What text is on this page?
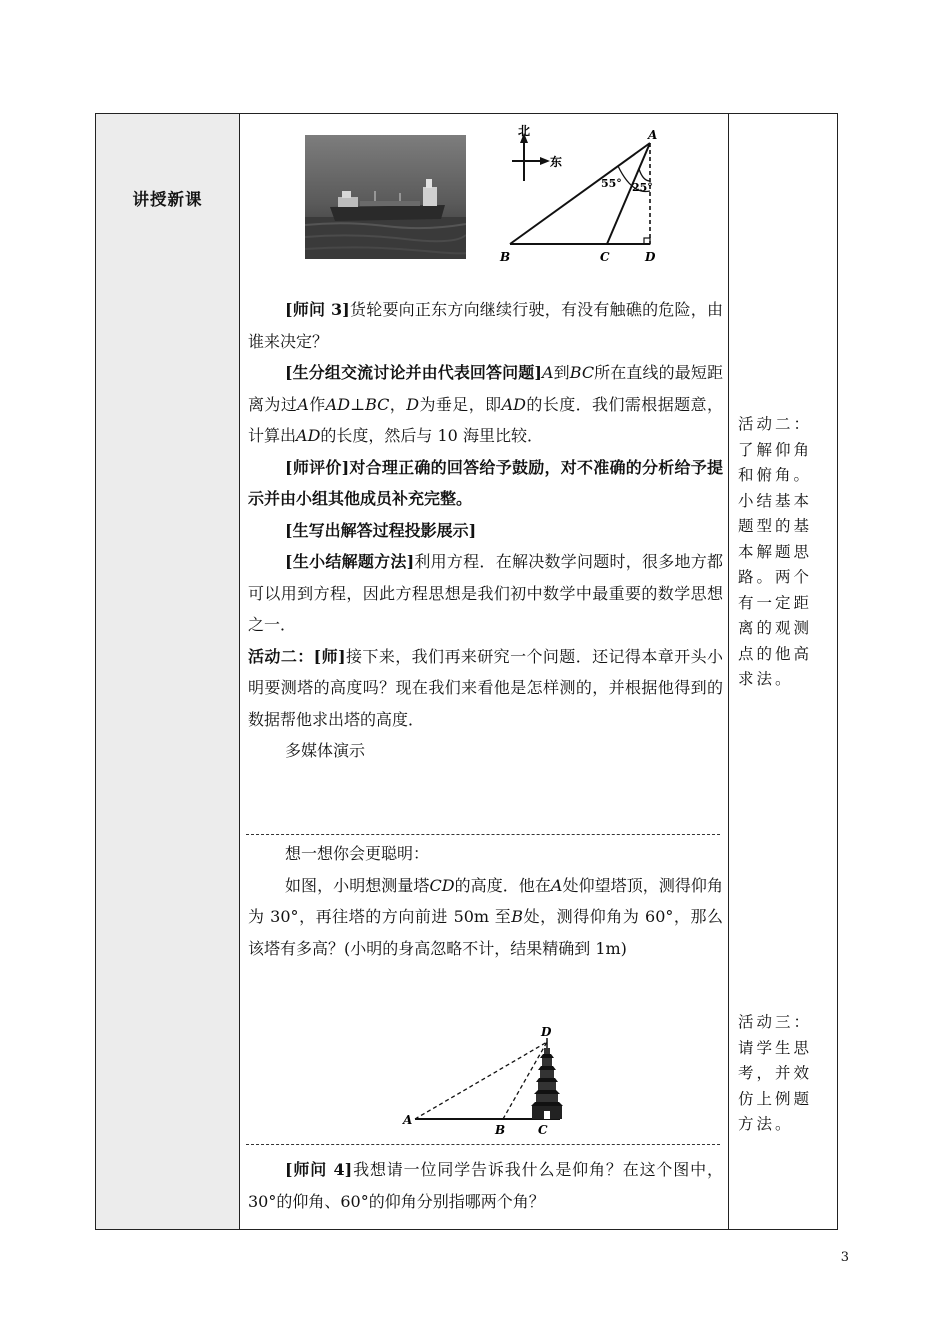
讲授新课
北
东
55° 25°
A
B	C	D

[师问 3]货轮要向正东方向继续行驶，有没有触礁的危险，由谁来决定？

[生分组交流讨论并由代表回答问题]A到BC所在直线的最短距离为过A作AD⊥BC，D为垂足，即AD的长度．我们需根据题意，计算出AD的长度，然后与 10 海里比较．

[师评价]对合理正确的回答给予鼓励，对不准确的分析给予提示并由小组其他成员补充完整。

[生写出解答过程投影展示]

[生小结解题方法]利用方程．在解决数学问题时，很多地方都可以用到方程，因此方程思想是我们初中数学中最重要的数学思想之一．

活动二：[师]接下来，我们再来研究一个问题．还记得本章开头小明要测塔的高度吗？现在我们来看他是怎样测的，并根据他得到的数据帮他求出塔的高度．

多媒体演示

想一想你会更聪明：

如图，小明想测量塔CD的高度．他在A处仰望塔顶，测得仰角为 30°，再往塔的方向前进 50m 至B处，测得仰角为 60°，那么该塔有多高？(小明的身高忽略不计，结果精确到 1m)

A
B	C
D

[师问 4]我想请一位同学告诉我什么是仰角？在这个图中，30°的仰角、60°的仰角分别指哪两个角？

活动二：了解仰角和俯角。小结基本题型的基本解题思路。两个有一定距离的观测点的他高求法。
活动三：请学生思考，并效仿上例题方法。
3
